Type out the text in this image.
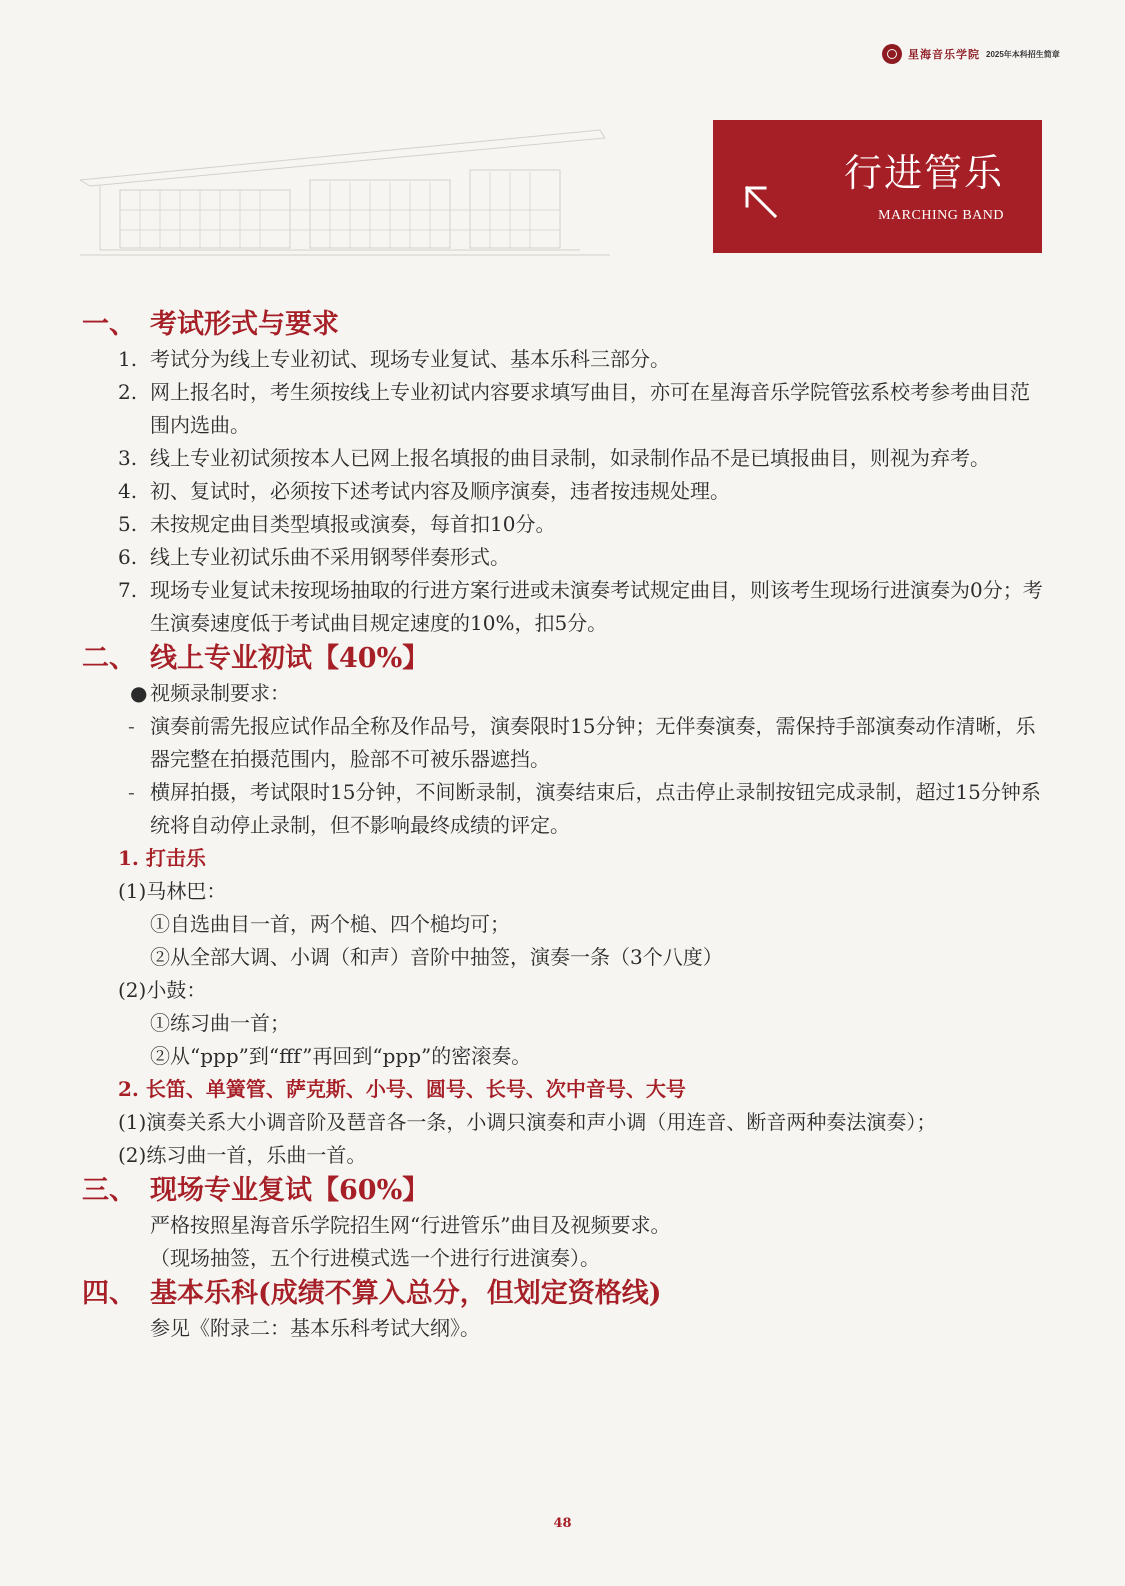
星海音乐学院 2025年本科招生简章
行进管乐
MARCHING BAND
一、 考试形式与要求
1. 考试分为线上专业初试、现场专业复试、基本乐科三部分。
2. 网上报名时，考生须按线上专业初试内容要求填写曲目，亦可在星海音乐学院管弦系校考参考曲目范围内选曲。
3. 线上专业初试须按本人已网上报名填报的曲目录制，如录制作品不是已填报曲目，则视为弃考。
4. 初、复试时，必须按下述考试内容及顺序演奏，违者按违规处理。
5. 未按规定曲目类型填报或演奏，每首扣10分。
6. 线上专业初试乐曲不采用钢琴伴奏形式。
7. 现场专业复试未按现场抽取的行进方案行进或未演奏考试规定曲目，则该考生现场行进演奏为0分；考生演奏速度低于考试曲目规定速度的10%，扣5分。
二、 线上专业初试【40%】
● 视频录制要求：
- 演奏前需先报应试作品全称及作品号，演奏限时15分钟；无伴奏演奏，需保持手部演奏动作清晰，乐器完整在拍摄范围内，脸部不可被乐器遮挡。
- 横屏拍摄，考试限时15分钟，不间断录制，演奏结束后，点击停止录制按钮完成录制，超过15分钟系统将自动停止录制，但不影响最终成绩的评定。
1. 打击乐
(1)马林巴：
①自选曲目一首，两个槌、四个槌均可；
②从全部大调、小调（和声）音阶中抽签，演奏一条（3个八度）
(2)小鼓：
①练习曲一首；
②从“ppp”到“fff”再回到“ppp”的密滚奏。
2. 长笛、单簧管、萨克斯、小号、圆号、长号、次中音号、大号
(1)演奏关系大小调音阶及琶音各一条，小调只演奏和声小调（用连音、断音两种奏法演奏）；
(2)练习曲一首，乐曲一首。
三、 现场专业复试【60%】
严格按照星海音乐学院招生网“行进管乐”曲目及视频要求。
（现场抽签，五个行进模式选一个进行行进演奏）。
四、 基本乐科(成绩不算入总分，但划定资格线)
参见《附录二：基本乐科考试大纲》。
48
